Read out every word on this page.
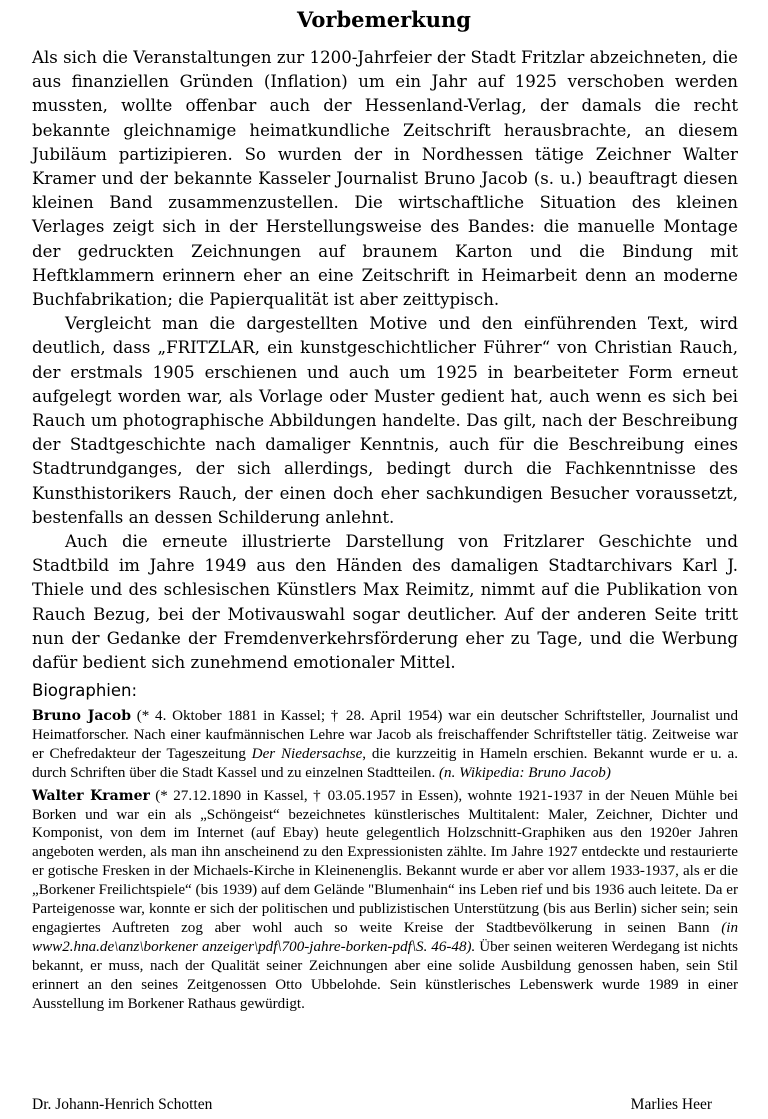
Vorbemerkung

Als sich die Veranstaltungen zur 1200-Jahrfeier der Stadt Fritzlar abzeichneten, die aus finanziellen Gründen (Inflation) um ein Jahr auf 1925 verschoben werden mussten, wollte offenbar auch der Hessenland-Verlag, der damals die recht bekannte gleichnamige heimatkundliche Zeitschrift herausbrachte, an diesem Jubiläum partizipieren. So wurden der in Nordhessen tätige Zeichner Walter Kramer und der bekannte Kasseler Journalist Bruno Jacob (s. u.) beauftragt diesen kleinen Band zusammenzustellen. Die wirtschaftliche Situation des kleinen Verlages zeigt sich in der Herstellungsweise des Bandes: die manuelle Montage der gedruckten Zeichnungen auf braunem Karton und die Bindung mit Heftklammern erinnern eher an eine Zeitschrift in Heimarbeit denn an moderne Buchfabrikation; die Papierqualität ist aber zeittypisch.

Vergleicht man die dargestellten Motive und den einführenden Text, wird deutlich, dass „FRITZLAR, ein kunstgeschichtlicher Führer“ von Christian Rauch, der erstmals 1905 erschienen und auch um 1925 in bearbeiteter Form erneut aufgelegt worden war, als Vorlage oder Muster gedient hat, auch wenn es sich bei Rauch um photographische Abbildungen handelte. Das gilt, nach der Beschreibung der Stadtgeschichte nach damaliger Kenntnis, auch für die Beschreibung eines Stadtrundganges, der sich allerdings, bedingt durch die Fachkenntnisse des Kunsthistorikers Rauch, der einen doch eher sachkundigen Besucher voraussetzt, bestenfalls an dessen Schilderung anlehnt.

Auch die erneute illustrierte Darstellung von Fritzlarer Geschichte und Stadtbild im Jahre 1949 aus den Händen des damaligen Stadtarchivars Karl J. Thiele und des schlesischen Künstlers Max Reimitz, nimmt auf die Publikation von Rauch Bezug, bei der Motivauswahl sogar deutlicher. Auf der anderen Seite tritt nun der Gedanke der Fremdenverkehrsförderung eher zu Tage, und die Werbung dafür bedient sich zunehmend emotionaler Mittel.

Biographien:

Bruno Jacob (* 4. Oktober 1881 in Kassel; † 28. April 1954) war ein deutscher Schriftsteller, Journalist und Heimatforscher. Nach einer kaufmännischen Lehre war Jacob als freischaffender Schriftsteller tätig. Zeitweise war er Chefredakteur der Tageszeitung Der Niedersachse, die kurzzeitig in Hameln erschien. Bekannt wurde er u. a. durch Schriften über die Stadt Kassel und zu einzelnen Stadtteilen. (n. Wikipedia: Bruno Jacob)

Walter Kramer (* 27.12.1890 in Kassel, † 03.05.1957 in Essen), wohnte 1921-1937 in der Neuen Mühle bei Borken und war ein als „Schöngeist“ bezeichnetes künstlerisches Multitalent: Maler, Zeichner, Dichter und Komponist, von dem im Internet (auf Ebay) heute gelegentlich Holzschnitt-Graphiken aus den 1920er Jahren angeboten werden, als man ihn anscheinend zu den Expressionisten zählte. Im Jahre 1927 entdeckte und restaurierte er gotische Fresken in der Michaels-Kirche in Kleinenenglis. Bekannt wurde er aber vor allem 1933-1937, als er die „Borkener Freilichtspiele“ (bis 1939) auf dem Gelände "Blumenhain“ ins Leben rief und bis 1936 auch leitete. Da er Parteigenosse war, konnte er sich der politischen und publizistischen Unterstützung (bis aus Berlin) sicher sein; sein engagiertes Auftreten zog aber wohl auch so weite Kreise der Stadtbevölkerung in seinen Bann (in www2.hna.de\anz\borkener anzeiger\pdf\700-jahre-borken-pdf\S. 46-48). Über seinen weiteren Werdegang ist nichts bekannt, er muss, nach der Qualität seiner Zeichnungen aber eine solide Ausbildung genossen haben, sein Stil erinnert an den seines Zeitgenossen Otto Ubbelohde. Sein künstlerisches Lebenswerk wurde 1989 in einer Ausstellung im Borkener Rathaus gewürdigt.

Dr. Johann-Henrich Schotten	Marlies Heer
